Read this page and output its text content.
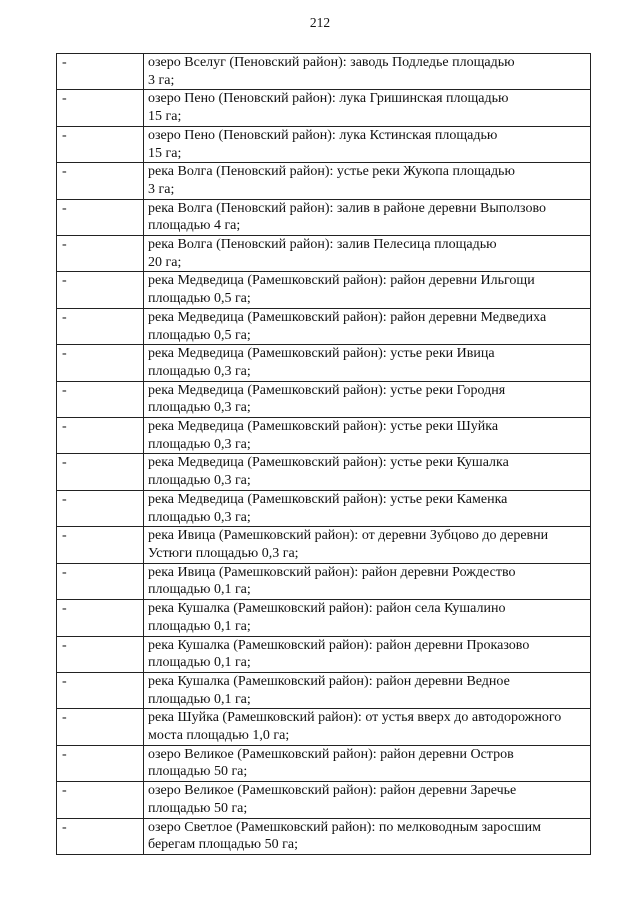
212
-	озеро Вселуг (Пеновский район): заводь Подледье площадью
3 га;

-	озеро Пено (Пеновский район): лука Гришинская площадью
15 га;

-	озеро Пено (Пеновский район): лука Кстинская площадью
15 га;

-	река Волга (Пеновский район): устье реки Жукопа площадью
3 га;

-	река Волга (Пеновский район): залив в районе деревни Выползово
площадью 4 га;

-	река Волга (Пеновский район): залив Пелесица площадью
20 га;

-	река Медведица (Рамешковский район): район деревни Ильгощи
площадью 0,5 га;

-	река Медведица (Рамешковский район): район деревни Медведиха
площадью 0,5 га;

-	река Медведица (Рамешковский район): устье реки Ивица
площадью 0,3 га;

-	река Медведица (Рамешковский район): устье реки Городня
площадью 0,3 га;

-	река Медведица (Рамешковский район): устье реки Шуйка
площадью 0,3 га;

-	река Медведица (Рамешковский район): устье реки Кушалка
площадью 0,3 га;

-	река Медведица (Рамешковский район): устье реки Каменка
площадью 0,3 га;

-	река Ивица (Рамешковский район): от деревни Зубцово до деревни
Устюги площадью 0,3 га;

-	река Ивица (Рамешковский район): район деревни Рождество
площадью 0,1 га;

-	река Кушалка (Рамешковский район): район села Кушалино
площадью 0,1 га;

-	река Кушалка (Рамешковский район): район деревни Проказово
площадью 0,1 га;

-	река Кушалка (Рамешковский район): район деревни Ведное
площадью 0,1 га;

-	река Шуйка (Рамешковский район): от устья вверх до автодорожного
моста площадью 1,0 га;

-	озеро Великое (Рамешковский район): район деревни Остров
площадью 50 га;

-	озеро Великое (Рамешковский район): район деревни Заречье
площадью 50 га;

-	озеро Светлое (Рамешковский район): по мелководным заросшим
берегам площадью 50 га;
